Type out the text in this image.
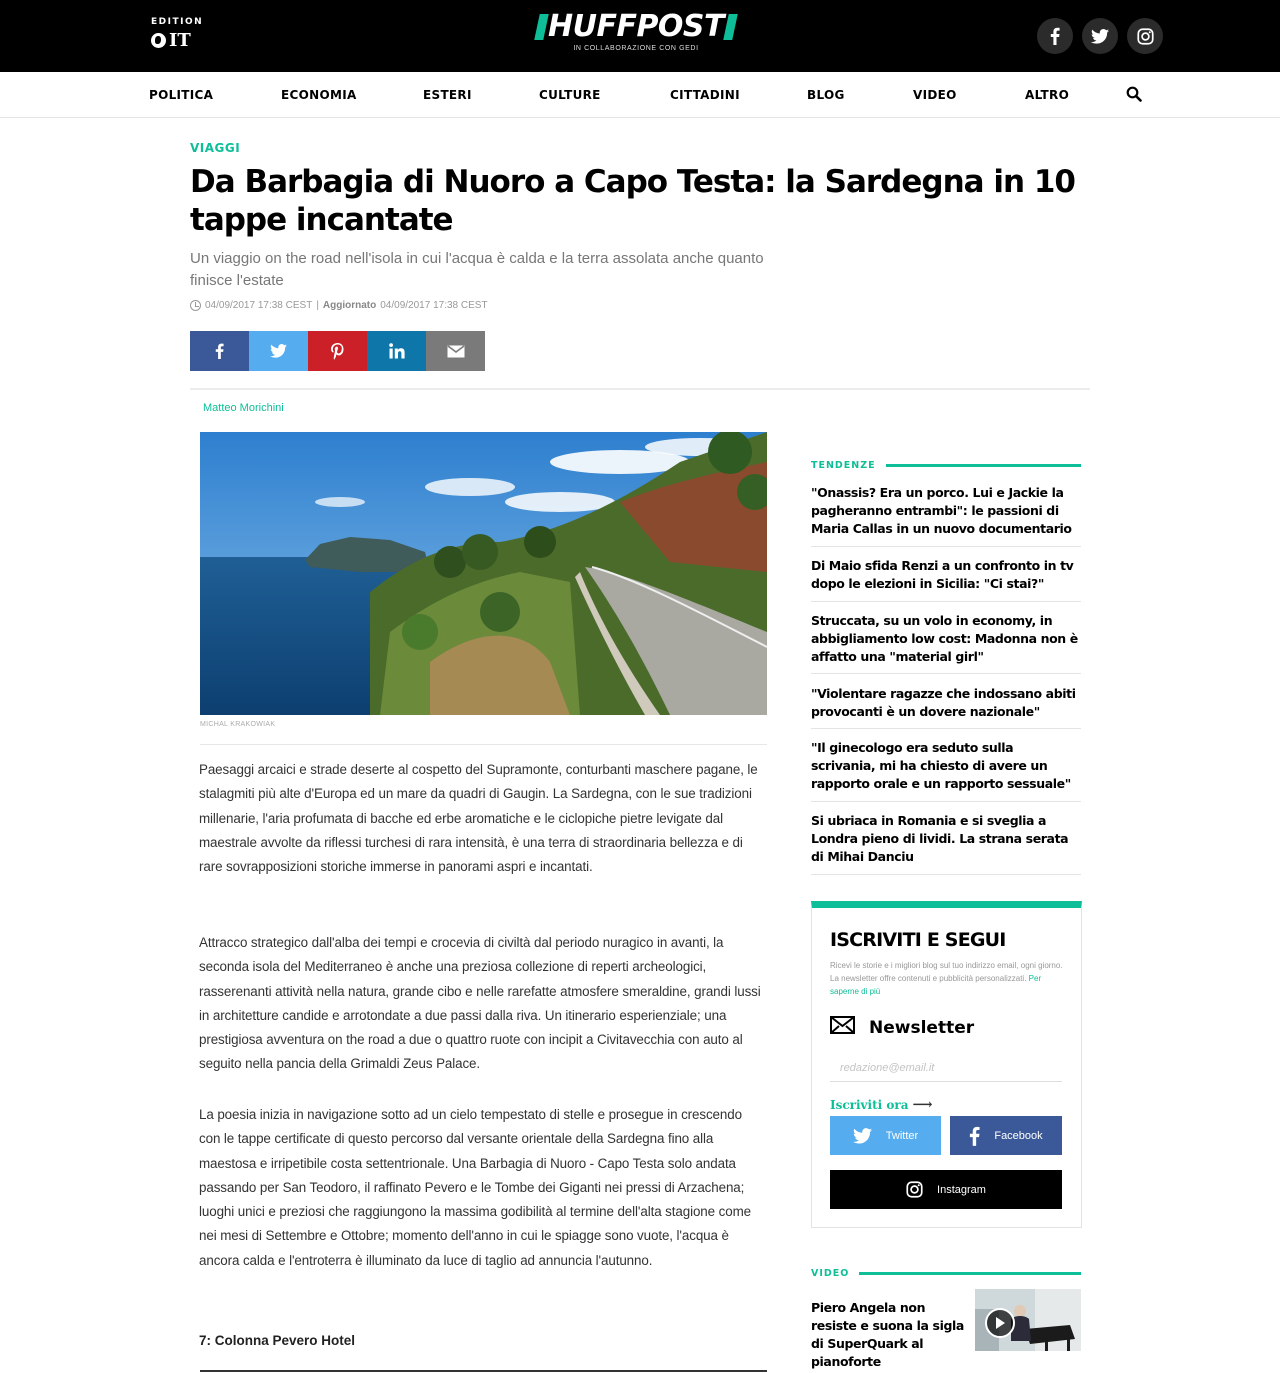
EDITION
IT	HUFFPOST
IN COLLABORAZIONE CON GEDI
POLITICA	ECONOMIA	ESTERI	CULTURE	CITTADINI	BLOG	VIDEO	ALTRO
VIAGGI
Da Barbagia di Nuoro a Capo Testa: la Sardegna in 10 tappe incantate
Un viaggio on the road nell'isola in cui l'acqua è calda e la terra assolata anche quanto finisce l'estate
04/09/2017 17:38 CEST | Aggiornato 04/09/2017 17:38 CEST
Matteo Morichini
MICHAL KRAKOWIAK

Paesaggi arcaici e strade deserte al cospetto del Supramonte, conturbanti maschere pagane, le stalagmiti più alte d'Europa ed un mare da quadri di Gaugin. La Sardegna, con le sue tradizioni millenarie, l'aria profumata di bacche ed erbe aromatiche e le ciclopiche pietre levigate dal maestrale avvolte da riflessi turchesi di rara intensità, è una terra di straordinaria bellezza e di rare sovrapposizioni storiche immerse in panorami aspri e incantati.

Attracco strategico dall'alba dei tempi e crocevia di civiltà dal periodo nuragico in avanti, la seconda isola del Mediterraneo è anche una preziosa collezione di reperti archeologici, rasserenanti attività nella natura, grande cibo e nelle rarefatte atmosfere smeraldine, grandi lussi in architetture candide e arrotondate a due passi dalla riva. Un itinerario esperienziale; una prestigiosa avventura on the road a due o quattro ruote con incipit a Civitavecchia con auto al seguito nella pancia della Grimaldi Zeus Palace.

La poesia inizia in navigazione sotto ad un cielo tempestato di stelle e prosegue in crescendo con le tappe certificate di questo percorso dal versante orientale della Sardegna fino alla maestosa e irripetibile costa settentrionale. Una Barbagia di Nuoro - Capo Testa solo andata passando per San Teodoro, il raffinato Pevero e le Tombe dei Giganti nei pressi di Arzachena; luoghi unici e preziosi che raggiungono la massima godibilità al termine dell'alta stagione come nei mesi di Settembre e Ottobre; momento dell'anno in cui le spiagge sono vuote, l'acqua è ancora calda e l'entroterra è illuminato da luce di taglio ad annuncia l'autunno.

7: Colonna Pevero Hotel
TENDENZE
"Onassis? Era un porco. Lui e Jackie la pagheranno entrambi": le passioni di Maria Callas in un nuovo documentario
Di Maio sfida Renzi a un confronto in tv dopo le elezioni in Sicilia: "Ci stai?"
Struccata, su un volo in economy, in abbigliamento low cost: Madonna non è affatto una "material girl"
"Violentare ragazze che indossano abiti provocanti è un dovere nazionale"
"Il ginecologo era seduto sulla scrivania, mi ha chiesto di avere un rapporto orale e un rapporto sessuale"
Si ubriaca in Romania e si sveglia a Londra pieno di lividi. La strana serata di Mihai Danciu
ISCRIVITI E SEGUI
Ricevi le storie e i migliori blog sul tuo indirizzo email, ogni giorno. La newsletter offre contenuti e pubblicità personalizzati. Per saperne di più
Newsletter
redazione@email.it
Iscriviti ora ⟶
Twitter	Facebook
Instagram
VIDEO
Piero Angela non resiste e suona la sigla di SuperQuark al pianoforte
